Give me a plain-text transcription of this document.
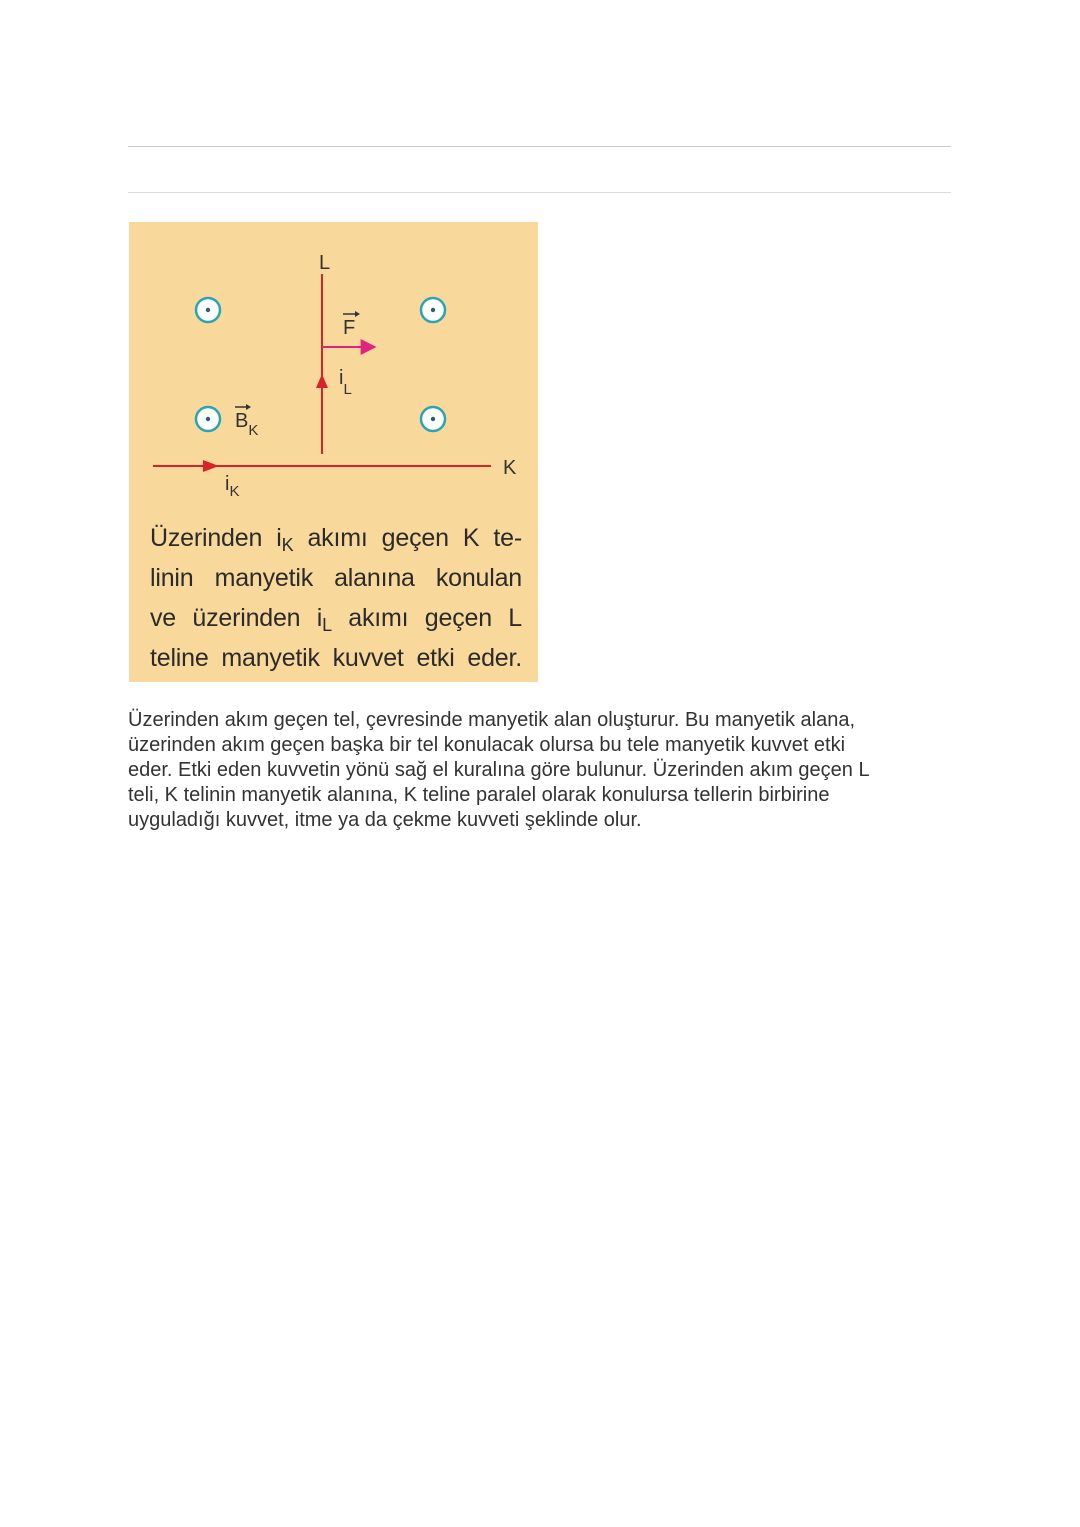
L
K
F
$i_L$
$B_K$
$i_K$
Üzerinden $i_K$ akımı geçen K te-
linin manyetik alanına konulan
ve üzerinden $i_L$ akımı geçen L
teline manyetik kuvvet etki eder.
Üzerinden akım geçen tel, çevresinde manyetik alan oluşturur. Bu manyetik alana,
üzerinden akım geçen başka bir tel konulacak olursa bu tele manyetik kuvvet etki
eder. Etki eden kuvvetin yönü sağ el kuralına göre bulunur. Üzerinden akım geçen L
teli, K telinin manyetik alanına, K teline paralel olarak konulursa tellerin birbirine
uyguladığı kuvvet, itme ya da çekme kuvveti şeklinde olur.
